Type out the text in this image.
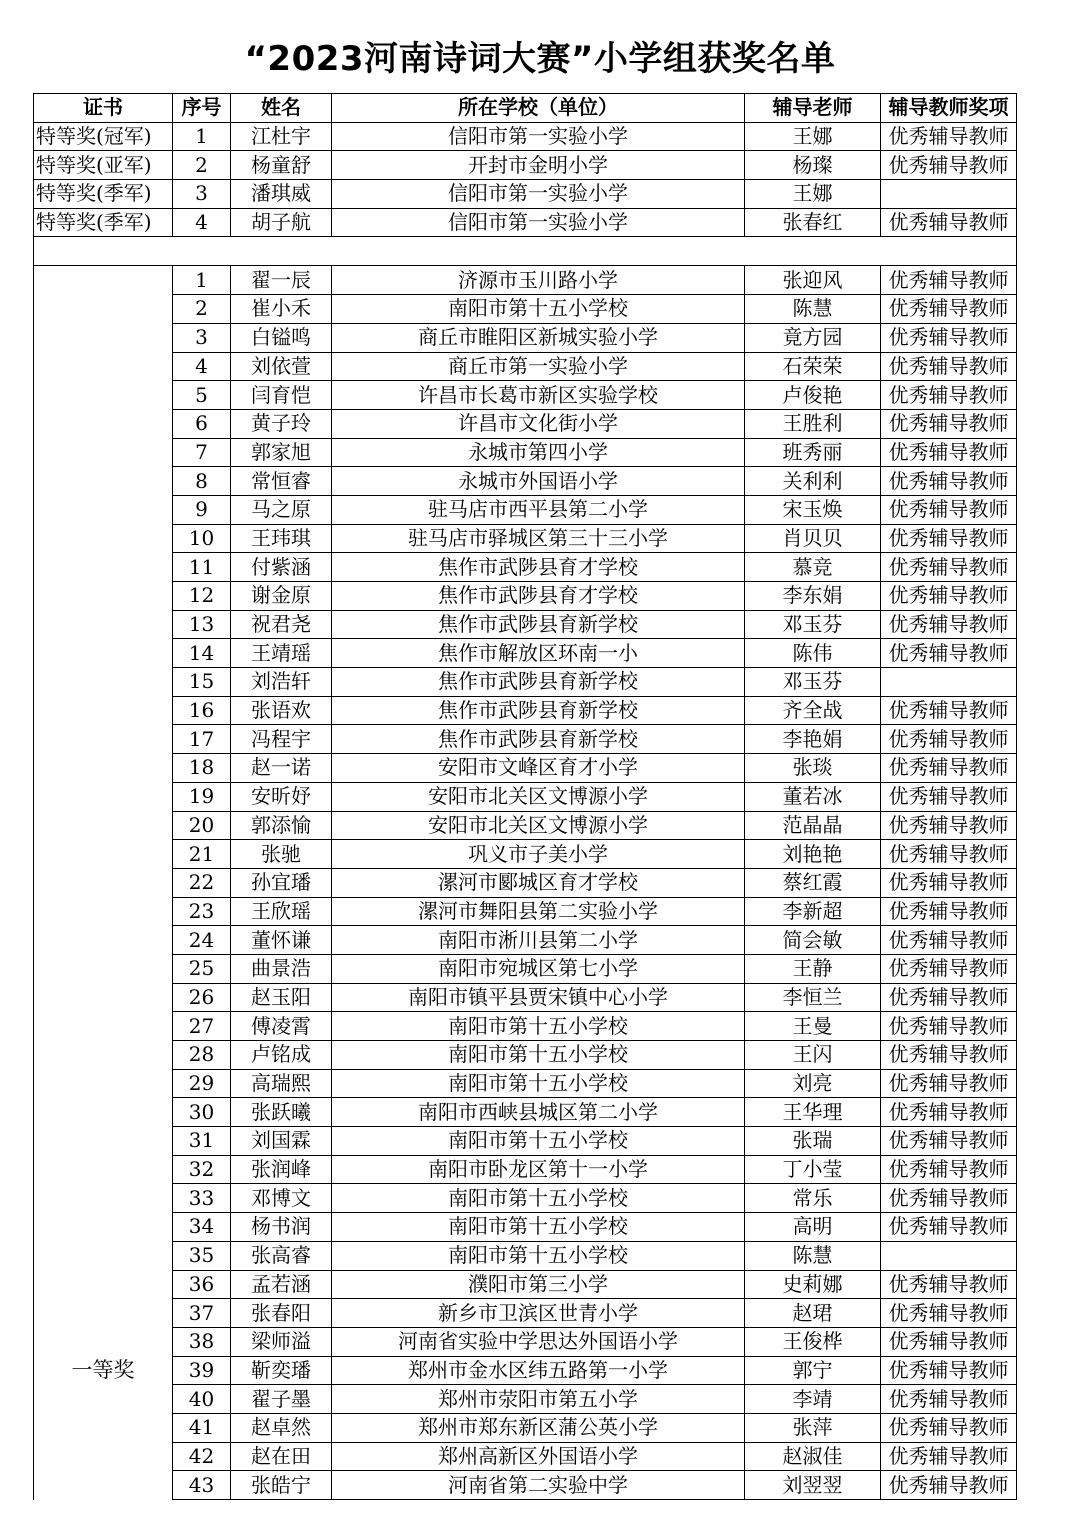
“2023河南诗词大赛”小学组获奖名单
证书	序号	姓名	所在学校（单位）	辅导老师	辅导教师奖项
特等奖(冠军)	1	江杜宇	信阳市第一实验小学	王娜	优秀辅导教师
特等奖(亚军)	2	杨童舒	开封市金明小学	杨璨	优秀辅导教师
特等奖(季军)	3	潘琪威	信阳市第一实验小学	王娜	
特等奖(季军)	4	胡子航	信阳市第一实验小学	张春红	优秀辅导教师

一等奖	1	翟一辰	济源市玉川路小学	张迎风	优秀辅导教师
	2	崔小禾	南阳市第十五小学校	陈慧	优秀辅导教师
	3	白镒鸣	商丘市睢阳区新城实验小学	竟方园	优秀辅导教师
	4	刘依萱	商丘市第一实验小学	石荣荣	优秀辅导教师
	5	闫育恺	许昌市长葛市新区实验学校	卢俊艳	优秀辅导教师
	6	黄子玲	许昌市文化街小学	王胜利	优秀辅导教师
	7	郭家旭	永城市第四小学	班秀丽	优秀辅导教师
	8	常恒睿	永城市外国语小学	关利利	优秀辅导教师
	9	马之原	驻马店市西平县第二小学	宋玉焕	优秀辅导教师
	10	王玮琪	驻马店市驿城区第三十三小学	肖贝贝	优秀辅导教师
	11	付紫涵	焦作市武陟县育才学校	慕竞	优秀辅导教师
	12	谢金原	焦作市武陟县育才学校	李东娟	优秀辅导教师
	13	祝君尧	焦作市武陟县育新学校	邓玉芬	优秀辅导教师
	14	王靖瑶	焦作市解放区环南一小	陈伟	优秀辅导教师
	15	刘浩轩	焦作市武陟县育新学校	邓玉芬	
	16	张语欢	焦作市武陟县育新学校	齐全战	优秀辅导教师
	17	冯程宇	焦作市武陟县育新学校	李艳娟	优秀辅导教师
	18	赵一诺	安阳市文峰区育才小学	张琰	优秀辅导教师
	19	安昕妤	安阳市北关区文博源小学	董若冰	优秀辅导教师
	20	郭添愉	安阳市北关区文博源小学	范晶晶	优秀辅导教师
	21	张驰	巩义市子美小学	刘艳艳	优秀辅导教师
	22	孙宜璠	漯河市郾城区育才学校	蔡红霞	优秀辅导教师
	23	王欣瑶	漯河市舞阳县第二实验小学	李新超	优秀辅导教师
	24	董怀谦	南阳市淅川县第二小学	简会敏	优秀辅导教师
	25	曲景浩	南阳市宛城区第七小学	王静	优秀辅导教师
	26	赵玉阳	南阳市镇平县贾宋镇中心小学	李恒兰	优秀辅导教师
	27	傅凌霄	南阳市第十五小学校	王曼	优秀辅导教师
	28	卢铭成	南阳市第十五小学校	王闪	优秀辅导教师
	29	高瑞熙	南阳市第十五小学校	刘亮	优秀辅导教师
	30	张跃曦	南阳市西峡县城区第二小学	王华理	优秀辅导教师
	31	刘国霖	南阳市第十五小学校	张瑞	优秀辅导教师
	32	张润峰	南阳市卧龙区第十一小学	丁小莹	优秀辅导教师
	33	邓博文	南阳市第十五小学校	常乐	优秀辅导教师
	34	杨书润	南阳市第十五小学校	高明	优秀辅导教师
	35	张高睿	南阳市第十五小学校	陈慧	
	36	孟若涵	濮阳市第三小学	史莉娜	优秀辅导教师
	37	张春阳	新乡市卫滨区世青小学	赵珺	优秀辅导教师
	38	梁师溢	河南省实验中学思达外国语小学	王俊桦	优秀辅导教师
	39	靳奕璠	郑州市金水区纬五路第一小学	郭宁	优秀辅导教师
	40	翟子墨	郑州市荥阳市第五小学	李靖	优秀辅导教师
	41	赵卓然	郑州市郑东新区蒲公英小学	张萍	优秀辅导教师
	42	赵在田	郑州高新区外国语小学	赵淑佳	优秀辅导教师
	43	张皓宁	河南省第二实验中学	刘翌翌	优秀辅导教师
